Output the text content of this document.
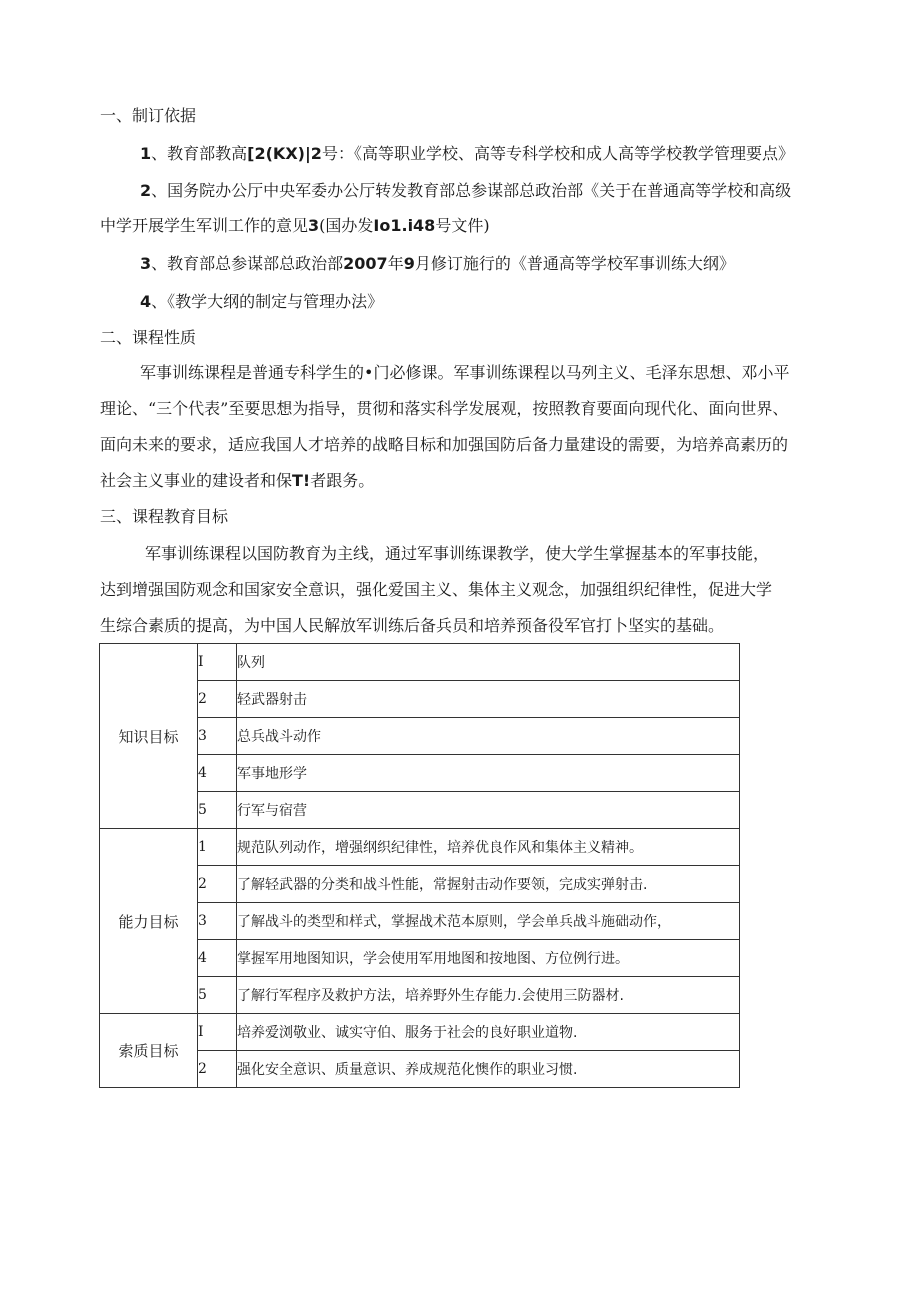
一、制订依据
1、教育部教高[2(KX)|2号：《高等职业学校、高等专科学校和成人高等学校教学管理要点》
2、国务院办公厅中央军委办公厅转发教育部总参谋部总政治部《关于在普通高等学校和高级
中学开展学生军训工作的意见3(国办发Io1.i48号文件)
3、教育部总参谋部总政治部2007年9月修订施行的《普通高等学校军事训练大纲》
4、《教学大纲的制定与管理办法》
二、课程性质
军事训练课程是普通专科学生的•门必修课。军事训练课程以马列主义、毛泽东思想、邓小平
理论、“三个代表”至要思想为指导，贯彻和落实科学发展观，按照教育要面向现代化、面向世界、
面向未来的要求，适应我国人才培养的战略目标和加强国防后备力量建设的需要，为培养高素历的
社会主义事业的建设者和保T!者跟务。
三、课程教育目标
军事训练课程以国防教育为主线，通过军事训练课教学，使大学生掌握基本的军事技能，
达到增强国防观念和国家安全意识，强化爱国主义、集体主义观念，加强组织纪律性，促进大学
生综合素质的提高，为中国人民解放军训练后备兵员和培养预备役军官打卜坚实的基础。
知识目标	I	队列
	2	轻武器射击
	3	总兵战斗动作
	4	军事地形学
	5	行军与宿营
能力目标	1	规范队列动作，增强纲织纪律性，培养优良作风和集体主义精神。
	2	了解轻武器的分类和战斗性能，常握射击动作要领，完成实弹射击.
	3	了解战斗的类型和样式，掌握战术范本原则，学会单兵战斗施础动作，
	4	掌握军用地图知识，学会使用军用地图和按地图、方位例行进。
	5	了解行军程序及救护方法，培养野外生存能力.会使用三防器材.
索质目标	I	培养爱浏敬业、诚实守伯、服务于社会的良好职业道物.
	2	强化安全意识、质量意识、养成规范化懊作的职业习惯.
